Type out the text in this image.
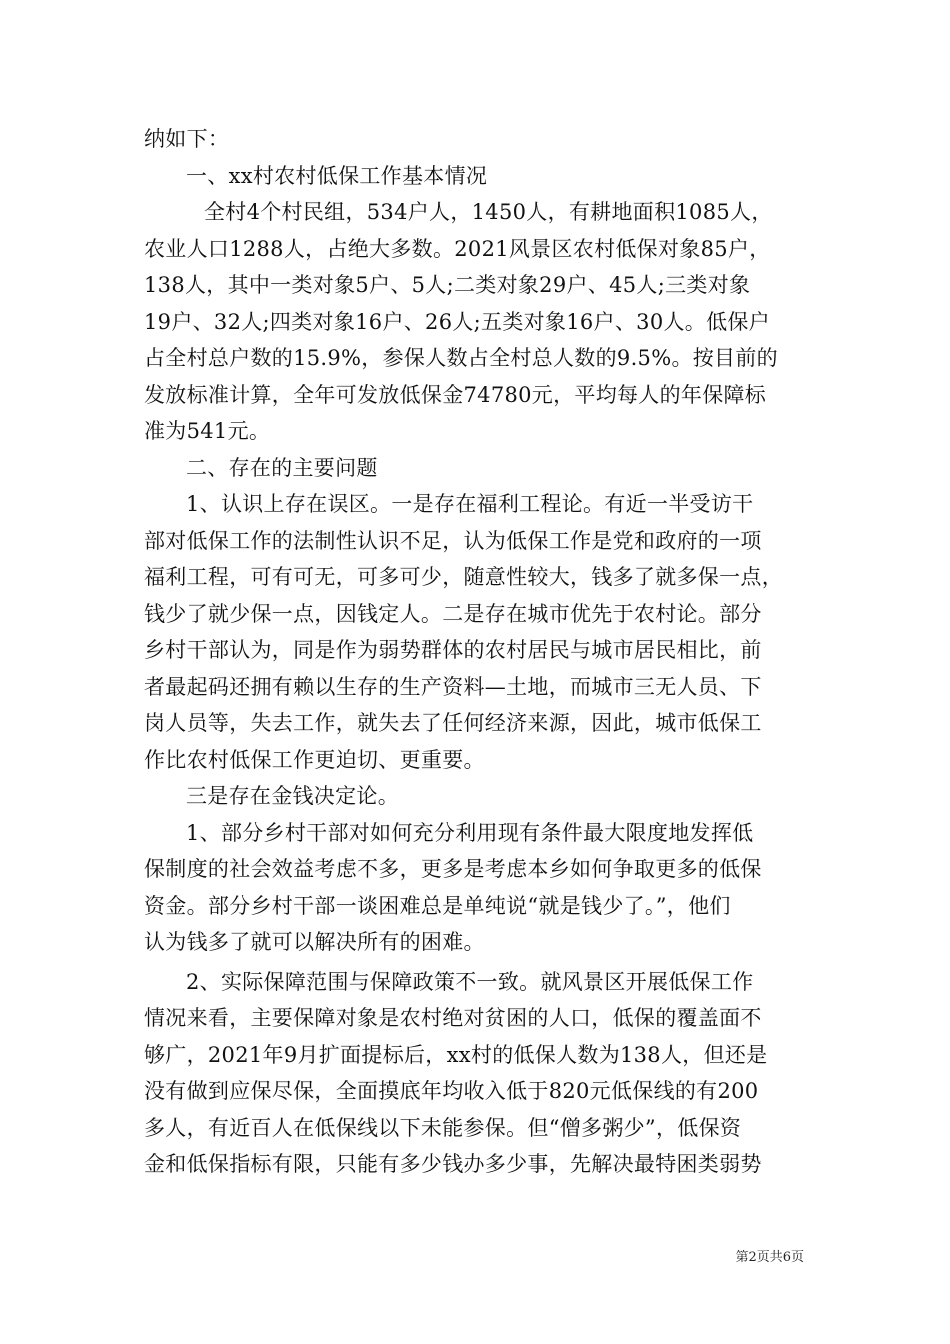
纳如下：
一、xx村农村低保工作基本情况
全村4个村民组，534户人，1450人，有耕地面积1085人，
农业人口1288人，占绝大多数。2021风景区农村低保对象85户，
138人，其中一类对象5户、5人;二类对象29户、45人;三类对象
19户、32人;四类对象16户、26人;五类对象16户、30人。低保户
占全村总户数的15.9%，参保人数占全村总人数的9.5%。按目前的
发放标准计算，全年可发放低保金74780元，平均每人的年保障标
准为541元。
二、存在的主要问题
1、认识上存在误区。一是存在福利工程论。有近一半受访干
部对低保工作的法制性认识不足，认为低保工作是党和政府的一项
福利工程，可有可无，可多可少，随意性较大，钱多了就多保一点，
钱少了就少保一点，因钱定人。二是存在城市优先于农村论。部分
乡村干部认为，同是作为弱势群体的农村居民与城市居民相比，前
者最起码还拥有赖以生存的生产资料—土地，而城市三无人员、下
岗人员等，失去工作，就失去了任何经济来源，因此，城市低保工
作比农村低保工作更迫切、更重要。
三是存在金钱决定论。
1、部分乡村干部对如何充分利用现有条件最大限度地发挥低
保制度的社会效益考虑不多，更多是考虑本乡如何争取更多的低保
资金。部分乡村干部一谈困难总是单纯说“就是钱少了。”，他们
认为钱多了就可以解决所有的困难。
2、实际保障范围与保障政策不一致。就风景区开展低保工作
情况来看，主要保障对象是农村绝对贫困的人口，低保的覆盖面不
够广，2021年9月扩面提标后，xx村的低保人数为138人，但还是
没有做到应保尽保，全面摸底年均收入低于820元低保线的有200
多人，有近百人在低保线以下未能参保。但“僧多粥少”，低保资
金和低保指标有限，只能有多少钱办多少事，先解决最特困类弱势
第2页共6页
